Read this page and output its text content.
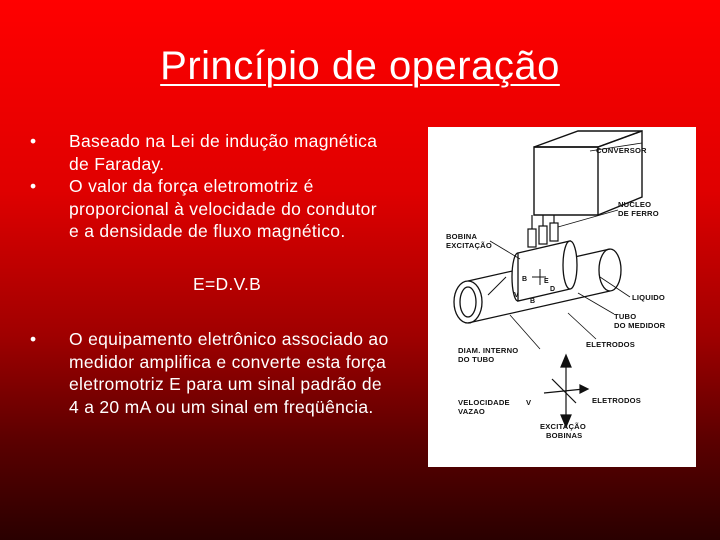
Princípio de operação
• Baseado na Lei de indução magnética
de Faraday.
• O valor da força eletromotriz é
proporcional à velocidade do condutor
e a densidade de fluxo magnético.
E=D.V.B
• O equipamento eletrônico associado ao
medidor amplifica e converte esta força
eletromotriz E para um sinal padrão de
4 a 20 mA ou um sinal em freqüência.
B E
V
B
D
CONVERSOR
NUCLEO
DE FERRO
BOBINA
EXCITAÇÃO
LIQUIDO
TUBO
DO MEDIDOR
DIAM. INTERNO
DO TUBO
ELETRODOS
VELOCIDADE
VAZAO
V	ELETRODOS
EXCITAÇÃO
BOBINAS
